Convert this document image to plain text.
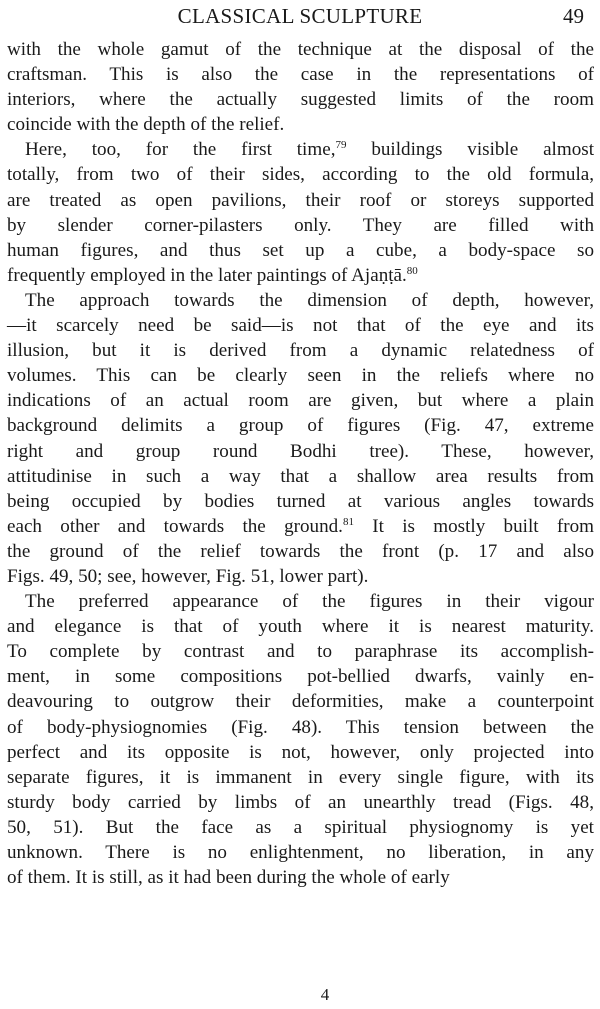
CLASSICAL SCULPTURE	49
with the whole gamut of the technique at the disposal of the
craftsman. This is also the case in the representations of
interiors, where the actually suggested limits of the room
coincide with the depth of the relief.
Here, too, for the first time,$^{79}$ buildings visible almost
totally, from two of their sides, according to the old formula,
are treated as open pavilions, their roof or storeys supported
by slender corner-pilasters only. They are filled with
human figures, and thus set up a cube, a body-space so
frequently employed in the later paintings of Ajaṇṭā.$^{80}$
The approach towards the dimension of depth, however,
—it scarcely need be said—is not that of the eye and its
illusion, but it is derived from a dynamic relatedness of
volumes. This can be clearly seen in the reliefs where no
indications of an actual room are given, but where a plain
background delimits a group of figures (Fig. 47, extreme
right and group round Bodhi tree). These, however,
attitudinise in such a way that a shallow area results from
being occupied by bodies turned at various angles towards
each other and towards the ground.$^{81}$ It is mostly built from
the ground of the relief towards the front (p. 17 and also
Figs. 49, 50; see, however, Fig. 51, lower part).
The preferred appearance of the figures in their vigour
and elegance is that of youth where it is nearest maturity.
To complete by contrast and to paraphrase its accomplish-
ment, in some compositions pot-bellied dwarfs, vainly en-
deavouring to outgrow their deformities, make a counterpoint
of body-physiognomies (Fig. 48). This tension between the
perfect and its opposite is not, however, only projected into
separate figures, it is immanent in every single figure, with its
sturdy body carried by limbs of an unearthly tread (Figs. 48,
50, 51). But the face as a spiritual physiognomy is yet
unknown. There is no enlightenment, no liberation, in any
of them. It is still, as it had been during the whole of early
4
